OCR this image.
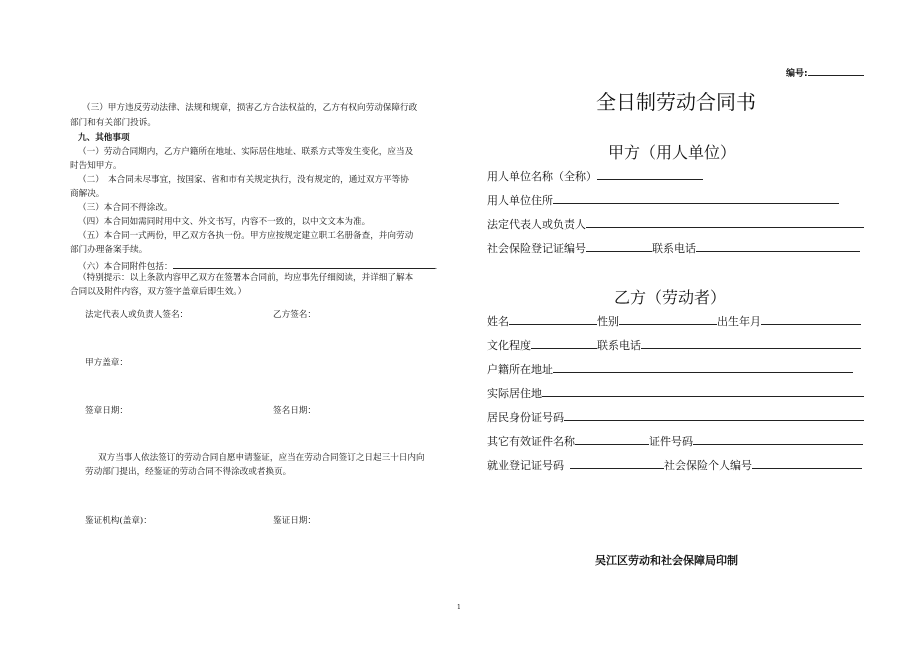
（三）甲方违反劳动法律、法规和规章，损害乙方合法权益的，乙方有权向劳动保障行政
部门和有关部门投诉。
九、其他事项
（一）劳动合同期内，乙方户籍所在地址、实际居住地址、联系方式等发生变化，应当及
时告知甲方。
（二）　本合同未尽事宜，按国家、省和市有关规定执行，没有规定的，通过双方平等协
商解决。
（三）本合同不得涂改。
（四）本合同如需同时用中文、外文书写，内容不一致的，以中文文本为准。
（五）本合同一式两份，甲乙双方各执一份。甲方应按规定建立职工名册备查，并向劳动
部门办理备案手续。
（六）本合同附件包括：	.
（特别提示：以上条款内容甲乙双方在签署本合同前，均应事先仔细阅读，并详细了解本
合同以及附件内容，双方签字盖章后即生效。）
法定代表人或负责人签名：	乙方签名：
甲方盖章：
签章日期：	签名日期：
双方当事人依法签订的劳动合同自愿申请鉴证，应当在劳动合同签订之日起三十日内向
劳动部门提出，经鉴证的劳动合同不得涂改或者换页。
鉴证机构(盖章)：	鉴证日期：
1
编号:
全日制劳动合同书
甲方（用人单位）
用人单位名称（全称）
用人单位住所
法定代表人或负责人
社会保险登记证编号	联系电话
乙方（劳动者）
姓名	性别	出生年月
文化程度	联系电话
户籍所在地址
实际居住地
居民身份证号码
其它有效证件名称	证件号码
就业登记证号码	社会保险个人编号
吴江区劳动和社会保障局印制
